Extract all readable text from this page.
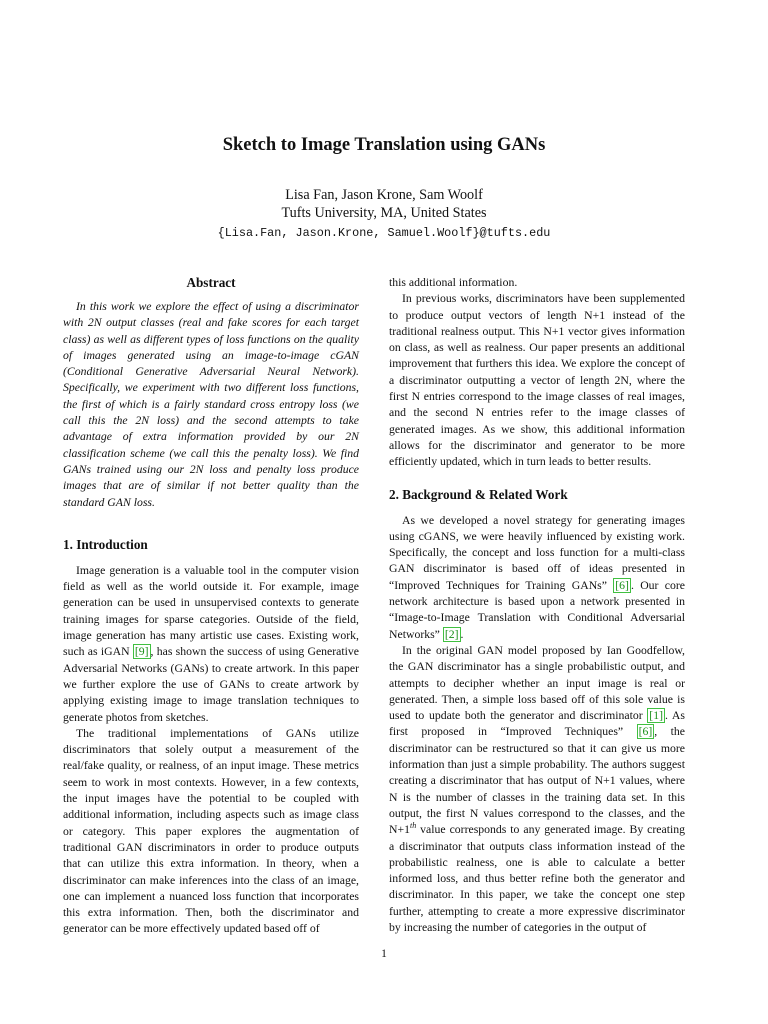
Sketch to Image Translation using GANs
Lisa Fan, Jason Krone, Sam Woolf
Tufts University, MA, United States
{Lisa.Fan, Jason.Krone, Samuel.Woolf}@tufts.edu
Abstract

In this work we explore the effect of using a discriminator with 2N output classes (real and fake scores for each target class) as well as different types of loss functions on the quality of images generated using an image-to-image cGAN (Conditional Generative Adversarial Neural Network). Specifically, we experiment with two different loss functions, the first of which is a fairly standard cross entropy loss (we call this the 2N loss) and the second attempts to take advantage of extra information provided by our 2N classification scheme (we call this the penalty loss). We find GANs trained using our 2N loss and penalty loss produce images that are of similar if not better quality than the standard GAN loss.

1. Introduction

Image generation is a valuable tool in the computer vision field as well as the world outside it. For example, image generation can be used in unsupervised contexts to generate training images for sparse categories. Outside of the field, image generation has many artistic use cases. Existing work, such as iGAN [9] , has shown the success of using Generative Adversarial Networks (GANs) to create artwork. In this paper we further explore the use of GANs to create artwork by applying existing image to image translation techniques to generate photos from sketches.

The traditional implementations of GANs utilize discriminators that solely output a measurement of the real/fake quality, or realness, of an input image. These metrics seem to work in most contexts. However, in a few contexts, the input images have the potential to be coupled with additional information, including aspects such as image class or category. This paper explores the augmentation of traditional GAN discriminators in order to produce outputs that can utilize this extra information. In theory, when a discriminator can make inferences into the class of an image, one can implement a nuanced loss function that incorporates this extra information. Then, both the discriminator and generator can be more effectively updated based off of

this additional information.

In previous works, discriminators have been supplemented to produce output vectors of length N+1 instead of the traditional realness output. This N+1 vector gives information on class, as well as realness. Our paper presents an additional improvement that furthers this idea. We explore the concept of a discriminator outputting a vector of length 2N, where the first N entries correspond to the image classes of real images, and the second N entries refer to the image classes of generated images. As we show, this additional information allows for the discriminator and generator to be more efficiently updated, which in turn leads to better results.

2. Background & Related Work

As we developed a novel strategy for generating images using cGANS, we were heavily influenced by existing work. Specifically, the concept and loss function for a multi-class GAN discriminator is based off of ideas presented in “Improved Techniques for Training GANs” [6] . Our core network architecture is based upon a network presented in “Image-to-Image Translation with Conditional Adversarial Networks” [2] .

In the original GAN model proposed by Ian Goodfellow, the GAN discriminator has a single probabilistic output, and attempts to decipher whether an input image is real or generated. Then, a simple loss based off of this sole value is used to update both the generator and discriminator [1] . As first proposed in “Improved Techniques” [6] , the discriminator can be restructured so that it can give us more information than just a simple probability. The authors suggest creating a discriminator that has output of N+1 values, where N is the number of classes in the training data set. In this output, the first N values correspond to the classes, and the N+1th value corresponds to any generated image. By creating a discriminator that outputs class information instead of the probabilistic realness, one is able to calculate a better informed loss, and thus better refine both the generator and discriminator. In this paper, we take the concept one step further, attempting to create a more expressive discriminator by increasing the number of categories in the output of

1
